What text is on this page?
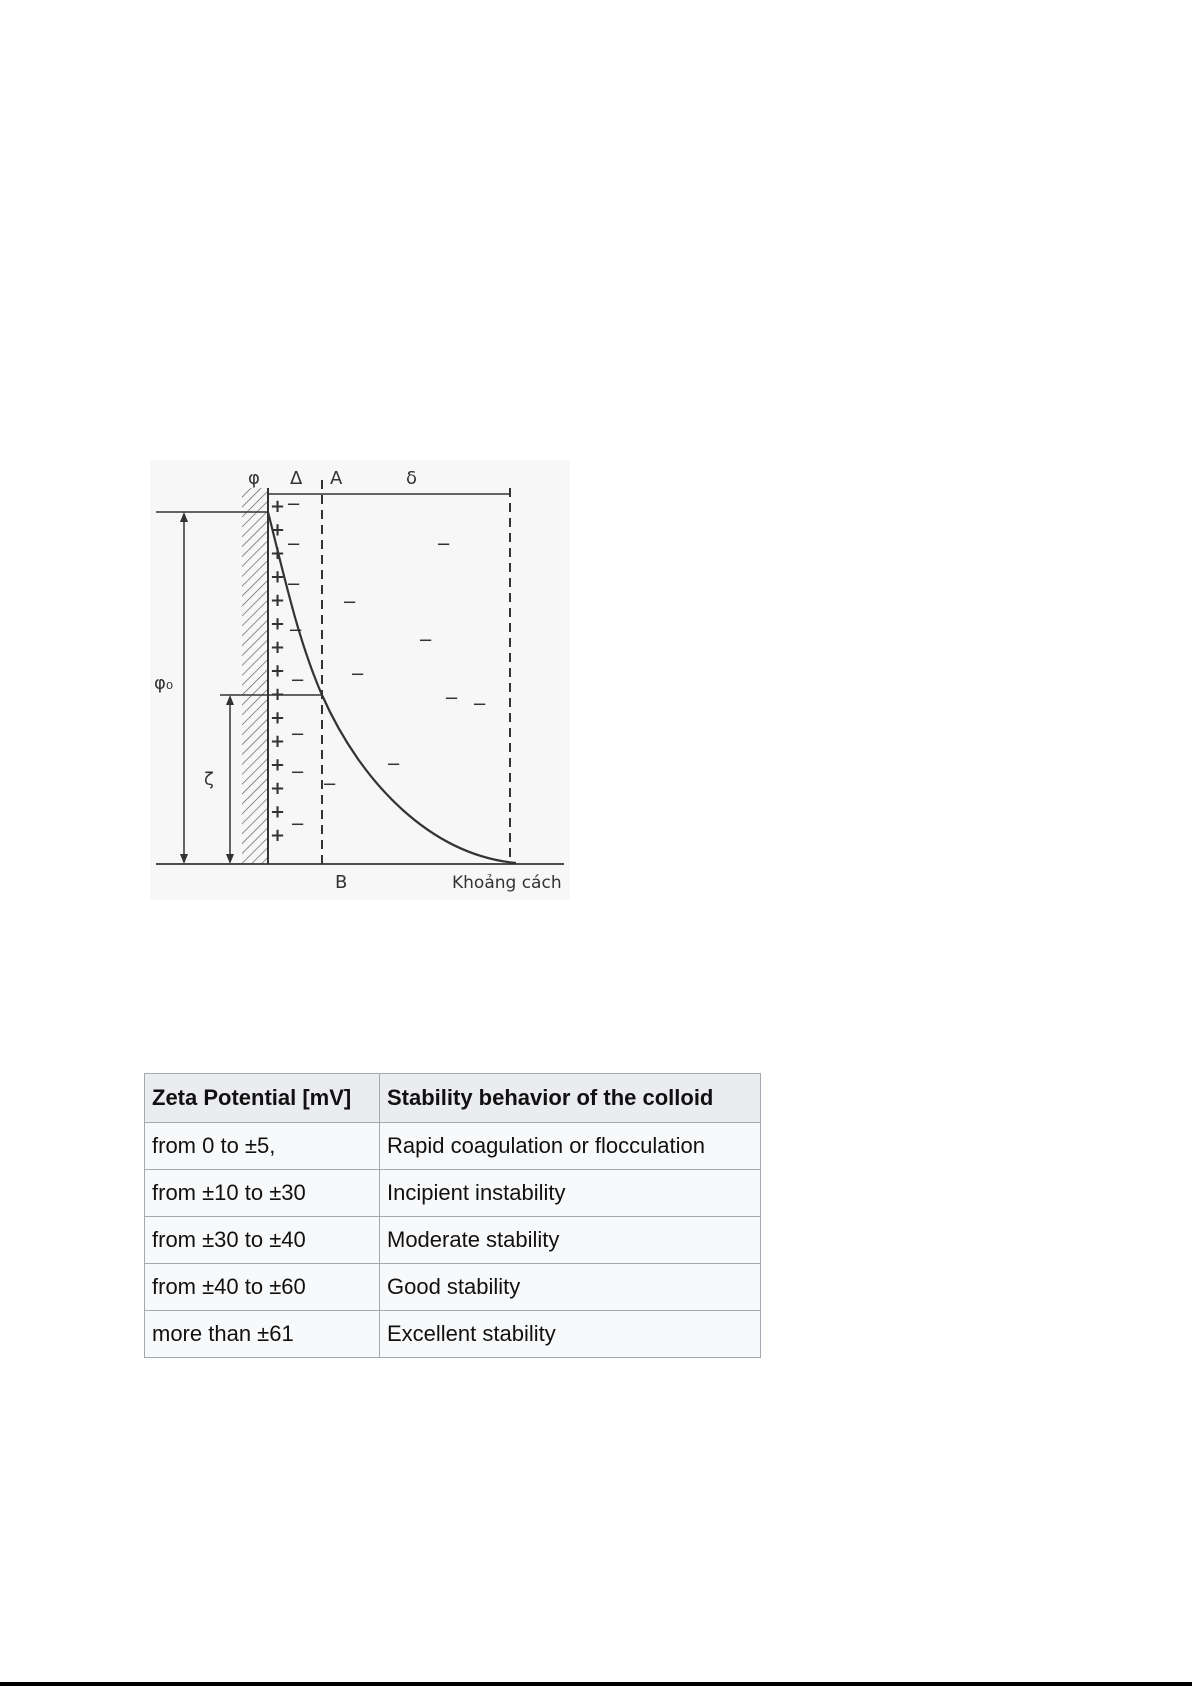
φ Δ A	δ
φ₀
ζ
B	Khoảng cách
+
+
+
+
+
+
+
+
+
+
+
+
+
+
+
−
−
−
−
−
−
−
−
−
−
−
−
− −
−
−
Zeta Potential [mV]	Stability behavior of the colloid
from 0 to ±5,	Rapid coagulation or flocculation
from ±10 to ±30	Incipient instability
from ±30 to ±40	Moderate stability
from ±40 to ±60	Good stability
more than ±61	Excellent stability
